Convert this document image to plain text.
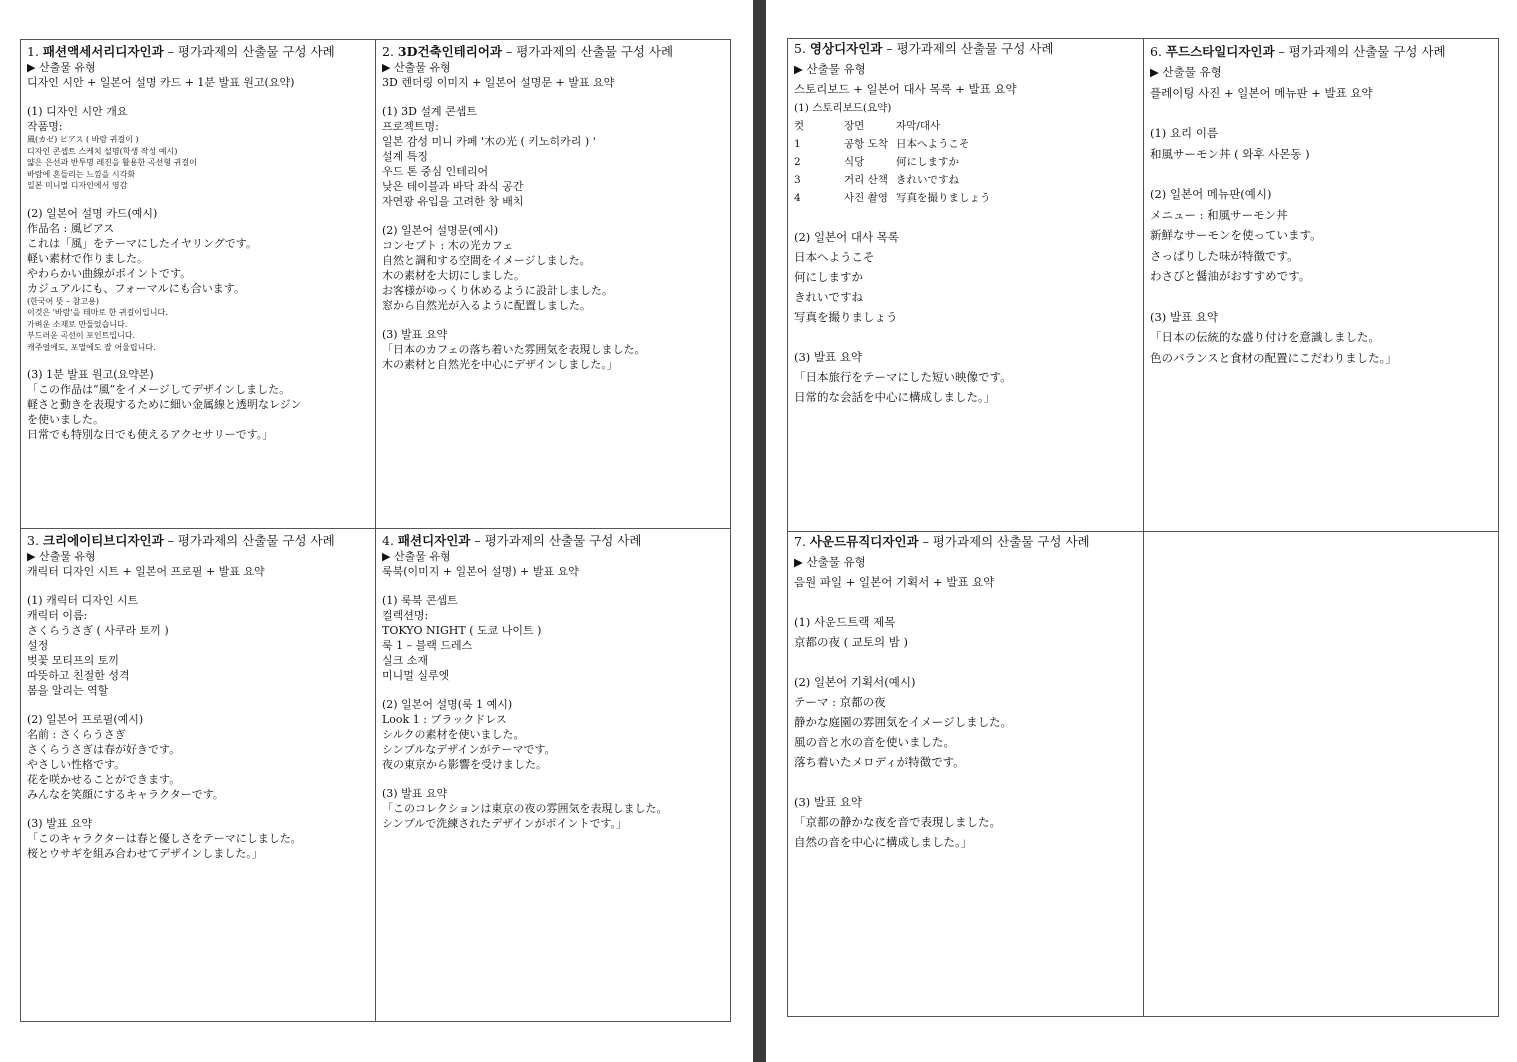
1. 패션액세서리디자인과 – 평가과제의 산출물 구성 사례
▶ 산출물 유형
디자인 시안 + 일본어 설명 카드 + 1분 발표 원고(요약)
(1) 디자인 시안 개요
작품명:
風(カゼ) ピアス ( 바람 귀걸이 )
디자인 콘셉트 스케치 설명(학생 작성 예시)
얇은 은선과 반투명 레진을 활용한 곡선형 귀걸이
바람에 흔들리는 느낌을 시각화
일본 미니멀 디자인에서 영감
(2) 일본어 설명 카드(예시)
作品名 : 風ピアス
これは「風」をテーマにしたイヤリングです。
軽い素材で作りました。
やわらかい曲線がポイントです。
カジュアルにも、フォーマルにも合います。
(한국어 뜻 – 참고용)
이것은 '바람'을 테마로 한 귀걸이입니다.
가벼운 소재로 만들었습니다.
부드러운 곡선이 포인트입니다.
캐주얼에도, 포멀에도 잘 어울립니다.
(3) 1분 발표 원고(요약본)
「この作品は“風”をイメージしてデザインしました。
軽さと動きを表現するために細い金属線と透明なレジン
を使いました。
日常でも特別な日でも使えるアクセサリーです。」
2. 3D건축인테리어과 – 평가과제의 산출물 구성 사례
▶ 산출물 유형
3D 렌더링 이미지 + 일본어 설명문 + 발표 요약
(1) 3D 설계 콘셉트
프로젝트명:
일본 감성 미니 카페 '木の光 ( 키노히카리 ) '
설계 특징
우드 톤 중심 인테리어
낮은 테이블과 바닥 좌식 공간
자연광 유입을 고려한 창 배치
(2) 일본어 설명문(예시)
コンセプト : 木の光カフェ
自然と調和する空間をイメージしました。
木の素材を大切にしました。
お客様がゆっくり休めるように設計しました。
窓から自然光が入るように配置しました。
(3) 발표 요약
「日本のカフェの落ち着いた雰囲気を表現しました。
木の素材と自然光を中心にデザインしました。」
3. 크리에이티브디자인과 – 평가과제의 산출물 구성 사례
▶ 산출물 유형
캐릭터 디자인 시트 + 일본어 프로필 + 발표 요약
(1) 캐릭터 디자인 시트
캐릭터 이름:
さくらうさぎ ( 사쿠라 토끼 )
설정
벚꽃 모티프의 토끼
따뜻하고 친절한 성격
봄을 알리는 역할
(2) 일본어 프로필(예시)
名前 : さくらうさぎ
さくらうさぎは春が好きです。
やさしい性格です。
花を咲かせることができます。
みんなを笑顔にするキャラクターです。
(3) 발표 요약
「このキャラクターは春と優しさをテーマにしました。
桜とウサギを組み合わせてデザインしました。」
4. 패션디자인과 – 평가과제의 산출물 구성 사례
▶ 산출물 유형
룩북(이미지 + 일본어 설명) + 발표 요약
(1) 룩북 콘셉트
컬렉션명:
TOKYO NIGHT ( 도쿄 나이트 )
룩 1 – 블랙 드레스
실크 소재
미니멀 실루엣
(2) 일본어 설명(룩 1 예시)
Look 1 : ブラックドレス
シルクの素材を使いました。
シンプルなデザインがテーマです。
夜の東京から影響を受けました。
(3) 발표 요약
「このコレクションは東京の夜の雰囲気を表現しました。
シンプルで洗練されたデザインがポイントです。」
5. 영상디자인과 – 평가과제의 산출물 구성 사례
▶ 산출물 유형
스토리보드 + 일본어 대사 목록 + 발표 요약
(1) 스토리보드(요약)
컷	장면	자막/대사
1	공항 도착	日本へようこそ
2	식당	何にしますか
3	거리 산책	きれいですね
4	사진 촬영	写真を撮りましょう
(2) 일본어 대사 목록
日本へようこそ
何にしますか
きれいですね
写真を撮りましょう
(3) 발표 요약
「日本旅行をテーマにした短い映像です。
日常的な会話を中心に構成しました。」
6. 푸드스타일디자인과 – 평가과제의 산출물 구성 사례
▶ 산출물 유형
플레이팅 사진 + 일본어 메뉴판 + 발표 요약
(1) 요리 이름
和風サーモン丼 ( 와후 사몬동 )
(2) 일본어 메뉴판(예시)
メニュー : 和風サーモン丼
新鮮なサーモンを使っています。
さっぱりした味が特徴です。
わさびと醤油がおすすめです。
(3) 발표 요약
「日本の伝統的な盛り付けを意識しました。
色のバランスと食材の配置にこだわりました。」
7. 사운드뮤직디자인과 – 평가과제의 산출물 구성 사례
▶ 산출물 유형
음원 파일 + 일본어 기획서 + 발표 요약
(1) 사운드트랙 제목
京都の夜 ( 교토의 밤 )
(2) 일본어 기획서(예시)
テーマ : 京都の夜
静かな庭園の雰囲気をイメージしました。
風の音と水の音を使いました。
落ち着いたメロディが特徴です。
(3) 발표 요약
「京都の静かな夜を音で表現しました。
自然の音を中心に構成しました。」
